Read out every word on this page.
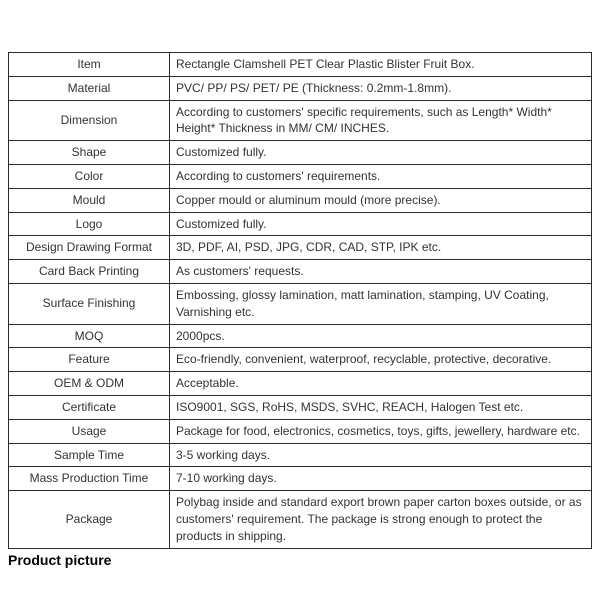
Item	Rectangle Clamshell PET Clear Plastic Blister Fruit Box.
Material	PVC/ PP/ PS/ PET/ PE (Thickness: 0.2mm-1.8mm).
Dimension	According to customers' specific requirements, such as Length* Width* Height* Thickness in MM/ CM/ INCHES.
Shape	Customized fully.
Color	According to customers' requirements.
Mould	Copper mould or aluminum mould (more precise).
Logo	Customized fully.
Design Drawing Format	3D, PDF, AI, PSD, JPG, CDR, CAD, STP, IPK etc.
Card Back Printing	As customers' requests.
Surface Finishing	Embossing, glossy lamination, matt lamination, stamping, UV Coating, Varnishing etc.
MOQ	2000pcs.
Feature	Eco-friendly, convenient, waterproof, recyclable, protective, decorative.
OEM & ODM	Acceptable.
Certificate	ISO9001, SGS, RoHS, MSDS, SVHC, REACH, Halogen Test etc.
Usage	Package for food, electronics, cosmetics, toys, gifts, jewellery, hardware etc.
Sample Time	3-5 working days.
Mass Production Time	7-10 working days.
Package	Polybag inside and standard export brown paper carton boxes outside, or as customers' requirement. The package is strong enough to protect the products in shipping.
Product picture
